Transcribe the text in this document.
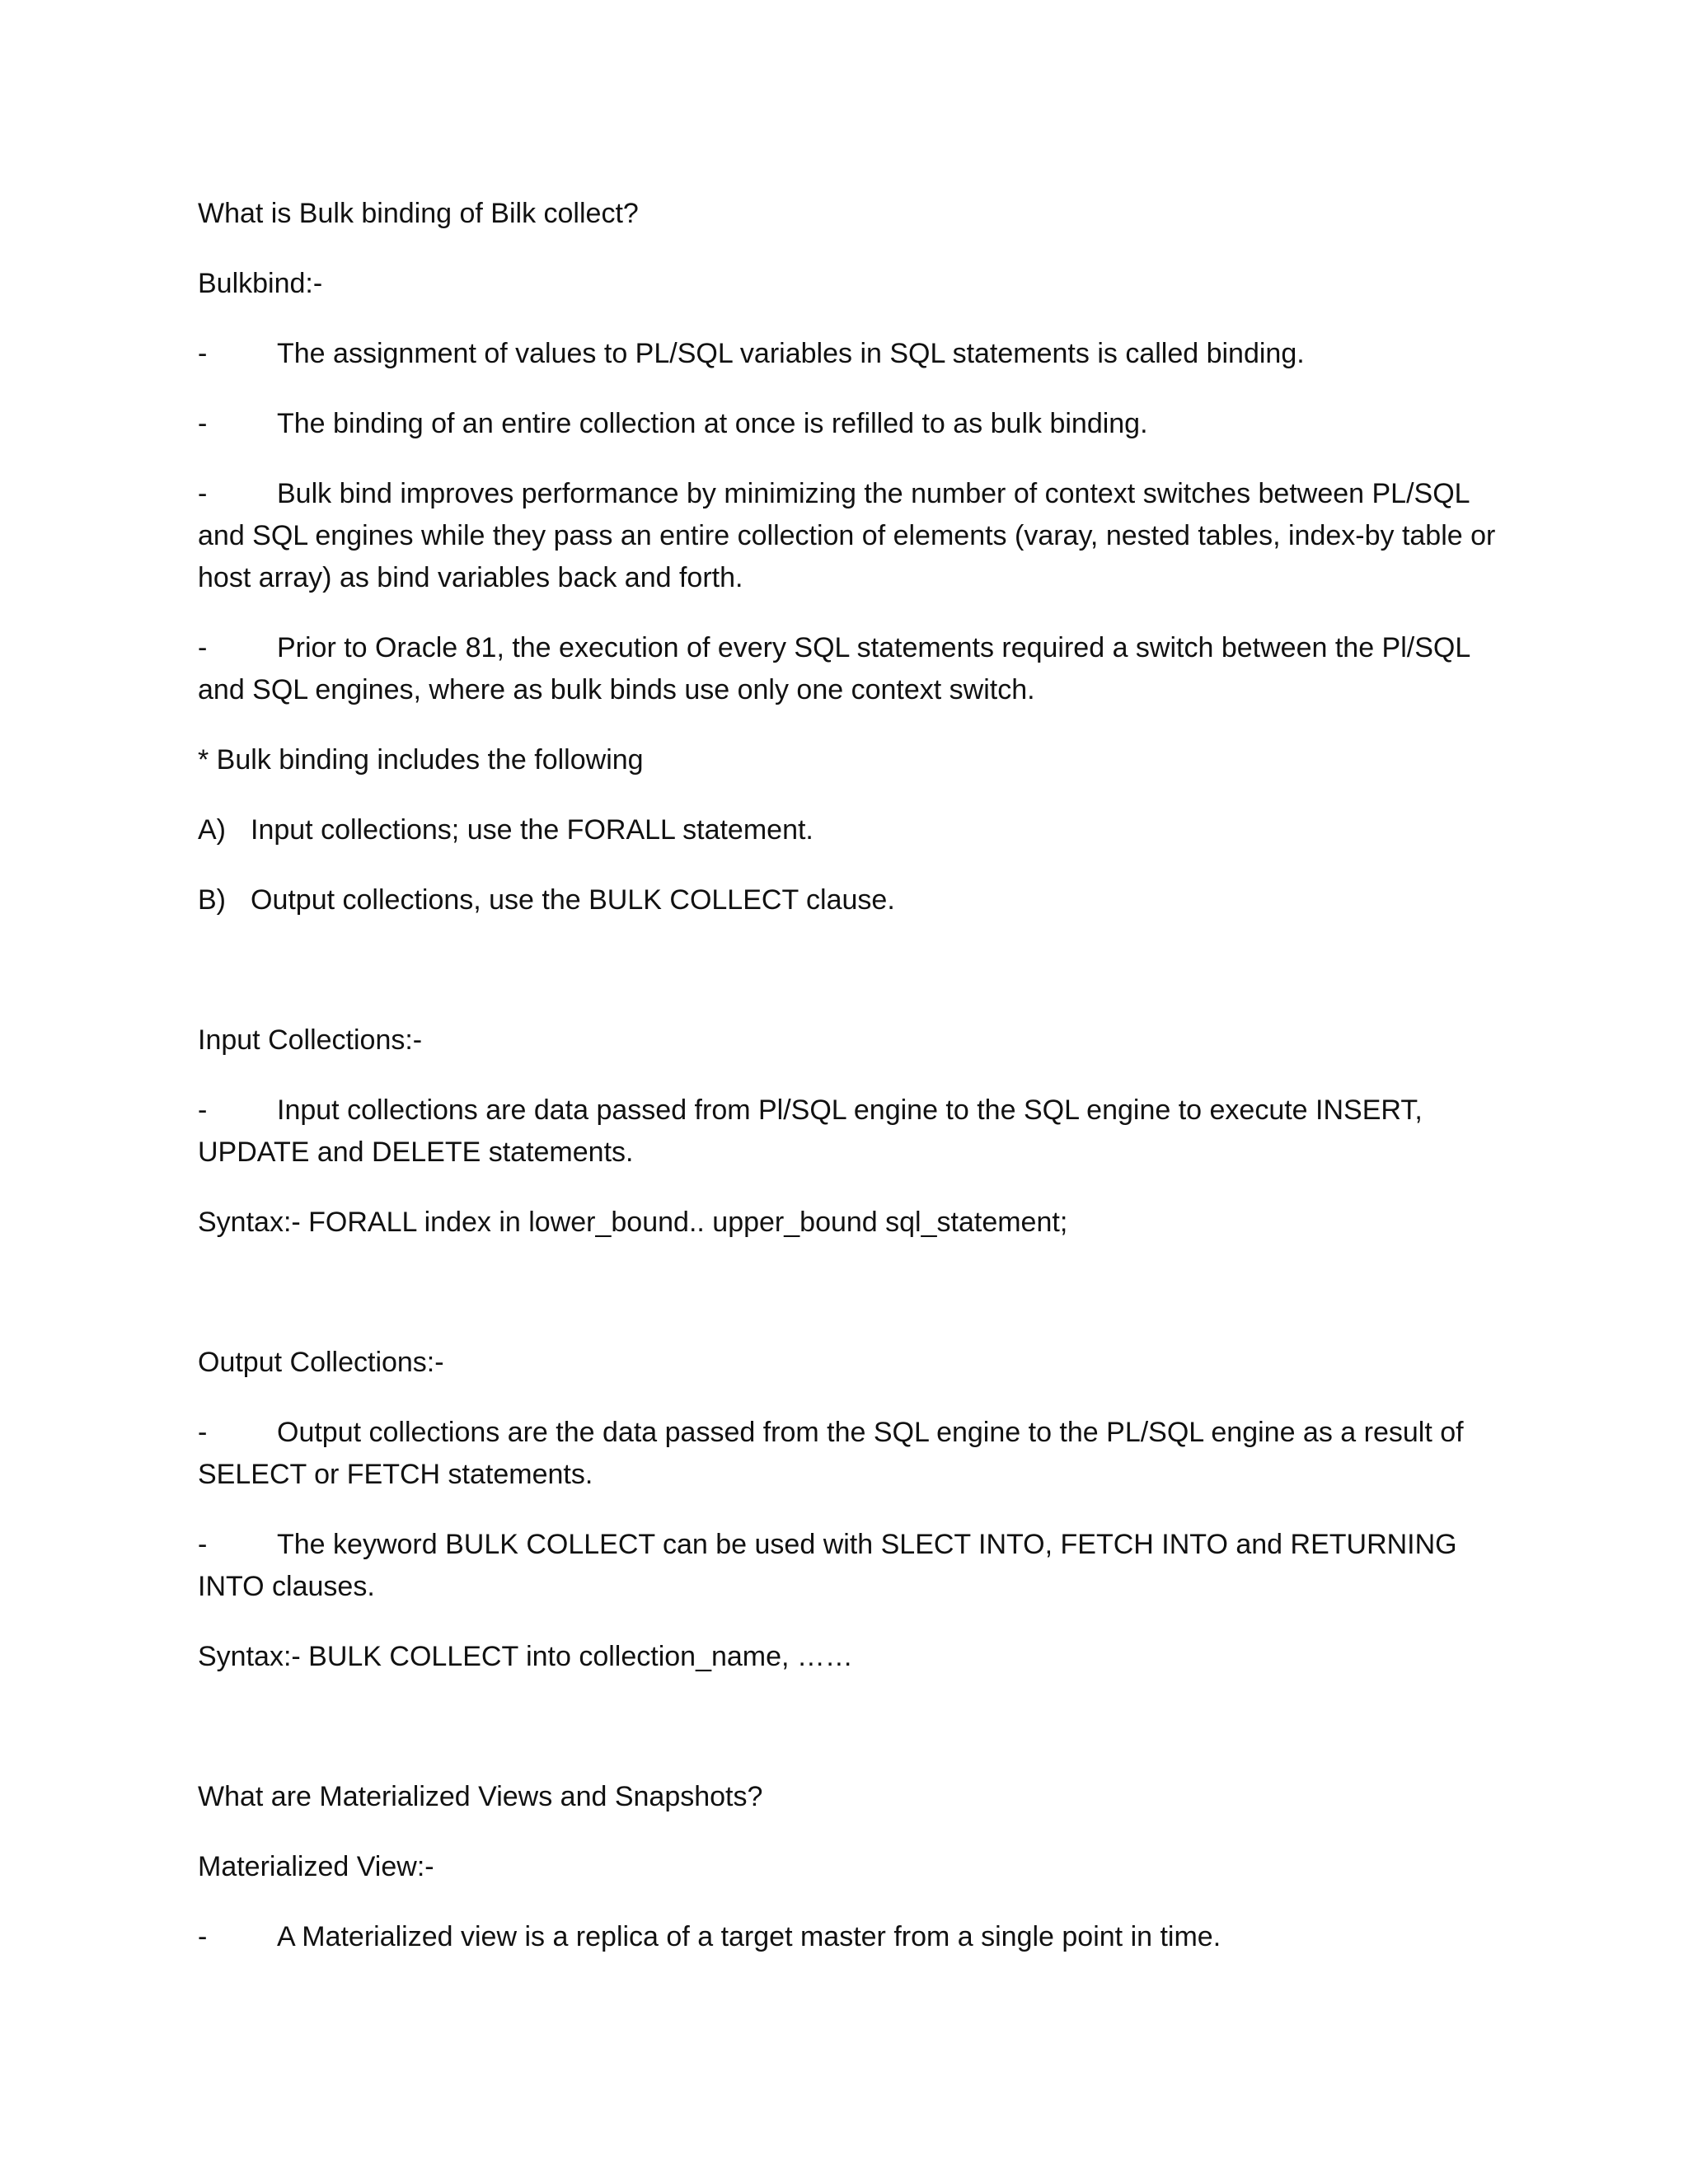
What is Bulk binding of Bilk collect?

Bulkbind:-

- The assignment of values to PL/SQL variables in SQL statements is called binding.

- The binding of an entire collection at once is refilled to as bulk binding.

- Bulk bind improves performance by minimizing the number of context switches between PL/SQL and SQL engines while they pass an entire collection of elements (varay, nested tables, index-by table or host array) as bind variables back and forth.

- Prior to Oracle 81, the execution of every SQL statements required a switch between the Pl/SQL and SQL engines, where as bulk binds use only one context switch.

* Bulk binding includes the following

A) Input collections; use the FORALL statement.

B) Output collections, use the BULK COLLECT clause.

Input Collections:-

- Input collections are data passed from Pl/SQL engine to the SQL engine to execute INSERT, UPDATE and DELETE statements.

Syntax:- FORALL index in lower_bound.. upper_bound sql_statement;

Output Collections:-

- Output collections are the data passed from the SQL engine to the PL/SQL engine as a result of SELECT or FETCH statements.

- The keyword BULK COLLECT can be used with SLECT INTO, FETCH INTO and RETURNING INTO clauses.

Syntax:- BULK COLLECT into collection_name, ……

What are Materialized Views and Snapshots?

Materialized View:-

- A Materialized view is a replica of a target master from a single point in time.
